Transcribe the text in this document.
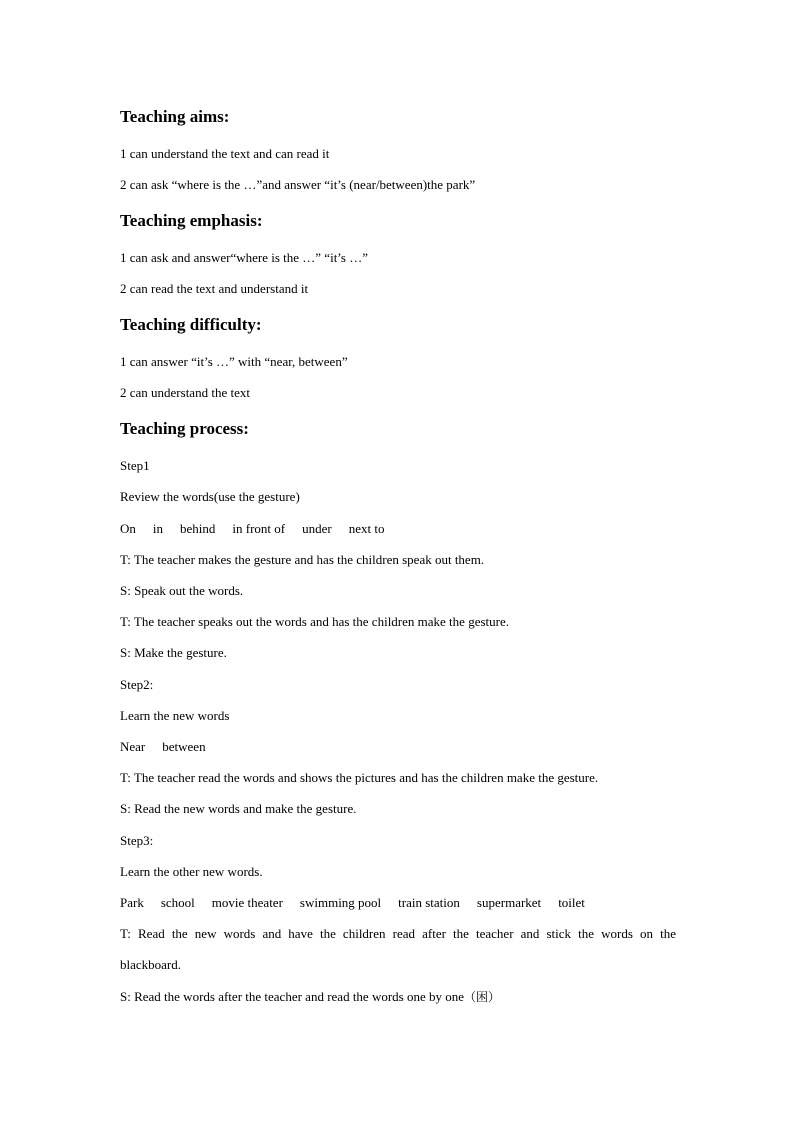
Teaching aims:

1 can understand the text and can read it

2 can ask “where is the …”and answer “it’s (near/between)the park”

Teaching emphasis:

1 can ask and answer“where is the …” “it’s …”

2 can read the text and understand it

Teaching difficulty:

1 can answer “it’s …” with “near, between”

2 can understand the text

Teaching process:

Step1

Review the words(use the gesture)

On in behind in front of under next to

T: The teacher makes the gesture and has the children speak out them.

S: Speak out the words.

T: The teacher speaks out the words and has the children make the gesture.

S: Make the gesture.

Step2:

Learn the new words

Near between

T: The teacher read the words and shows the pictures and has the children make the gesture.

S: Read the new words and make the gesture.

Step3:

Learn the other new words.

Park school movie theater swimming pool train station supermarket toilet

T: Read the new words and have the children read after the teacher and stick the words on the

blackboard.

S: Read the words after the teacher and read the words one by one（困）
